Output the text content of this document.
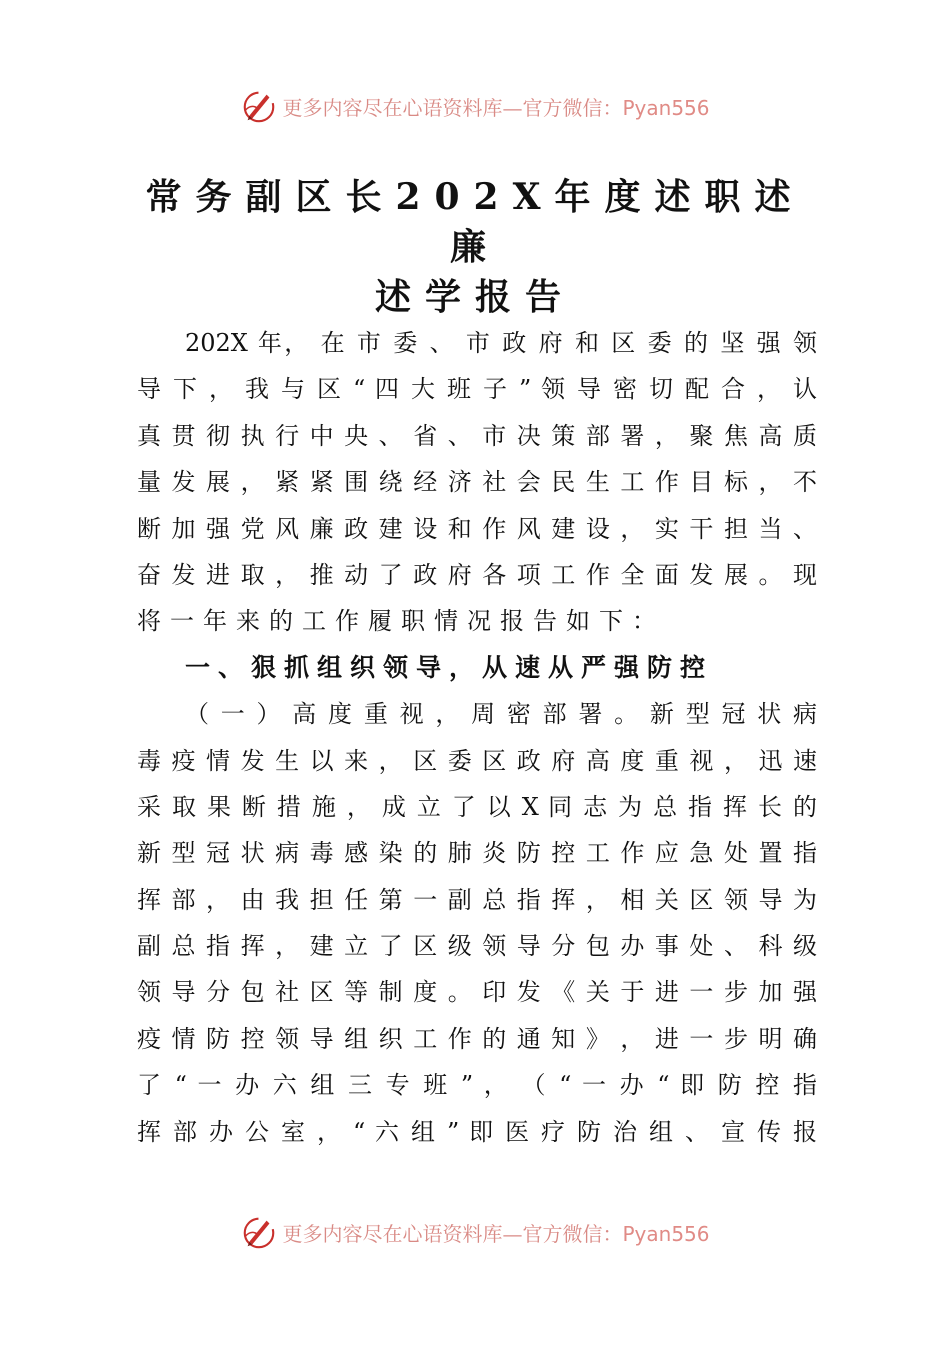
更多内容尽在心语资料库—官方微信：Pyan556
常务副区长202X年度述职述廉
述学报告
202X 年， 在 市 委 、 市 政 府 和 区 委 的 坚 强 领
导 下 ， 我 与 区 “ 四 大 班 子 ” 领 导 密 切 配 合 ， 认
真 贯 彻 执 行 中 央 、 省 、 市 决 策 部 署 ， 聚 焦 高 质
量 发 展 ， 紧 紧 围 绕 经 济 社 会 民 生 工 作 目 标 ， 不
断 加 强 党 风 廉 政 建 设 和 作 风 建 设 ， 实 干 担 当 、
奋 发 进 取 ， 推 动 了 政 府 各 项 工 作 全 面 发 展 。 现
将一年来的工作履职情况报告如下：
一、狠抓组织领导，从速从严强防控
（ 一 ） 高 度 重 视 ， 周 密 部 署 。 新 型 冠 状 病
毒 疫 情 发 生 以 来 ， 区 委 区 政 府 高 度 重 视 ， 迅 速
采 取 果 断 措 施 ， 成 立 了 以 X 同 志 为 总 指 挥 长 的
新 型 冠 状 病 毒 感 染 的 肺 炎 防 控 工 作 应 急 处 置 指
挥 部 ， 由 我 担 任 第 一 副 总 指 挥 ， 相 关 区 领 导 为
副 总 指 挥 ， 建 立 了 区 级 领 导 分 包 办 事 处 、 科 级
领 导 分 包 社 区 等 制 度 。 印 发 《 关 于 进 一 步 加 强
疫 情 防 控 领 导 组 织 工 作 的 通 知 》 ， 进 一 步 明 确
了 “ 一 办 六 组 三 专 班 ” ， （ “ 一 办 “ 即 防 控 指
挥 部 办 公 室 ， “ 六 组 ” 即 医 疗 防 治 组 、 宣 传 报
更多内容尽在心语资料库—官方微信：Pyan556
